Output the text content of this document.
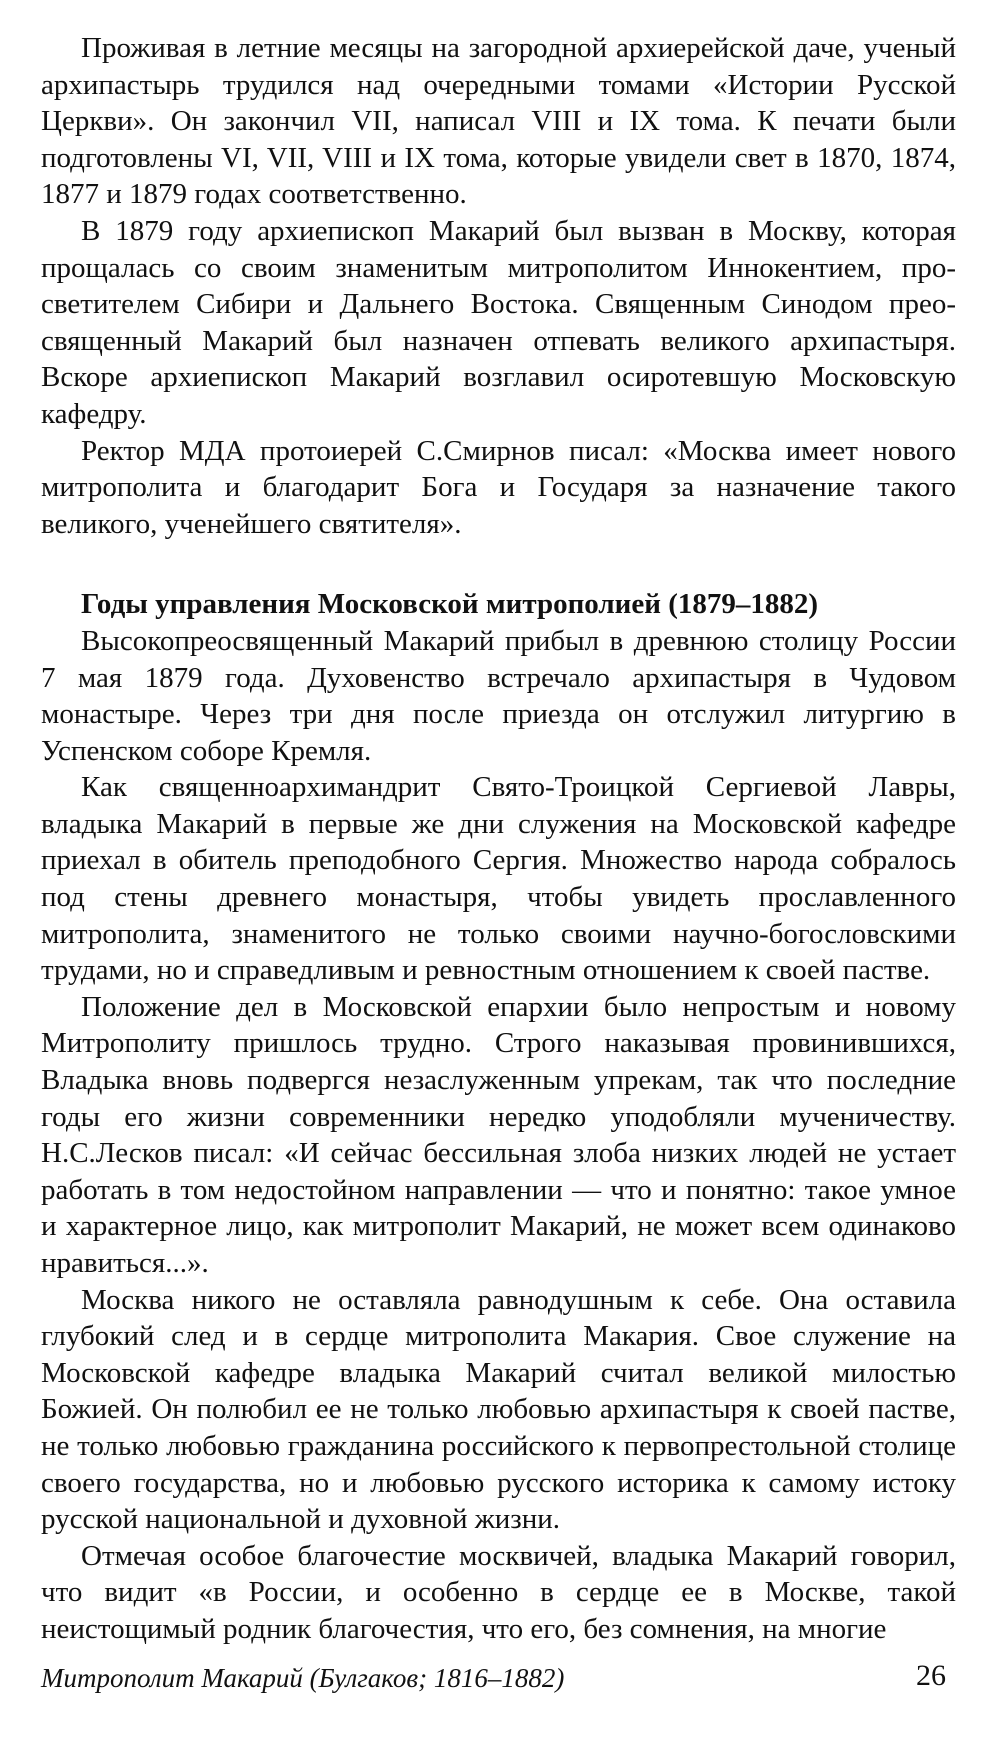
Проживая в летние месяцы на загородной архиерейской даче, ученый архипастырь трудился над очередными томами «Истории Русской Церкви». Он закончил VII, написал VIII и IX тома. К печати были подготовлены VI, VII, VIII и IX тома, которые увидели свет в 1870, 1874, 1877 и 1879 годах соответственно.

В 1879 году архиепископ Макарий был вызван в Москву, которая прощалась со своим знаменитым митрополитом Иннокентием, просветителем Сибири и Дальнего Востока. Священным Синодом преосвященный Макарий был назначен отпевать великого архипастыря. Вскоре архиепископ Макарий возглавил осиротевшую Московскую кафедру.

Ректор МДА протоиерей С.Смирнов писал: «Москва имеет нового митрополита и благодарит Бога и Государя за назначение такого великого, ученейшего святителя».

Годы управления Московской митрополией (1879–1882)

Высокопреосвященный Макарий прибыл в древнюю столицу России 7 мая 1879 года. Духовенство встречало архипастыря в Чудовом монастыре. Через три дня после приезда он отслужил литургию в Успенском соборе Кремля.

Как священноархимандрит Свято-Троицкой Сергиевой Лавры, владыка Макарий в первые же дни служения на Московской кафедре приехал в обитель преподобного Сергия. Множество народа собралось под стены древнего монастыря, чтобы увидеть прославленного митрополита, знаменитого не только своими научно-богословскими трудами, но и справедливым и ревностным отношением к своей пастве.

Положение дел в Московской епархии было непростым и новому Митрополиту пришлось трудно. Строго наказывая провинившихся, Владыка вновь подвергся незаслуженным упрекам, так что последние годы его жизни современники нередко уподобляли мученичеству. Н.С.Лесков писал: «И сейчас бессильная злоба низких людей не устает работать в том недостойном направлении — что и понятно: такое умное и характерное лицо, как митрополит Макарий, не может всем одинаково нравиться...».

Москва никого не оставляла равнодушным к себе. Она оставила глубокий след и в сердце митрополита Макария. Свое служение на Московской кафедре владыка Макарий считал великой милостью Божией. Он полюбил ее не только любовью архипастыря к своей пастве, не только любовью гражданина российского к первопрестольной столице своего государства, но и любовью русского историка к самому истоку русской национальной и духовной жизни.

Отмечая особое благочестие москвичей, владыка Макарий говорил, что видит «в России, и особенно в сердце ее в Москве, такой неистощимый родник благочестия, что его, без сомнения, на многие

Митрополит Макарий (Булгаков; 1816–1882)	26
